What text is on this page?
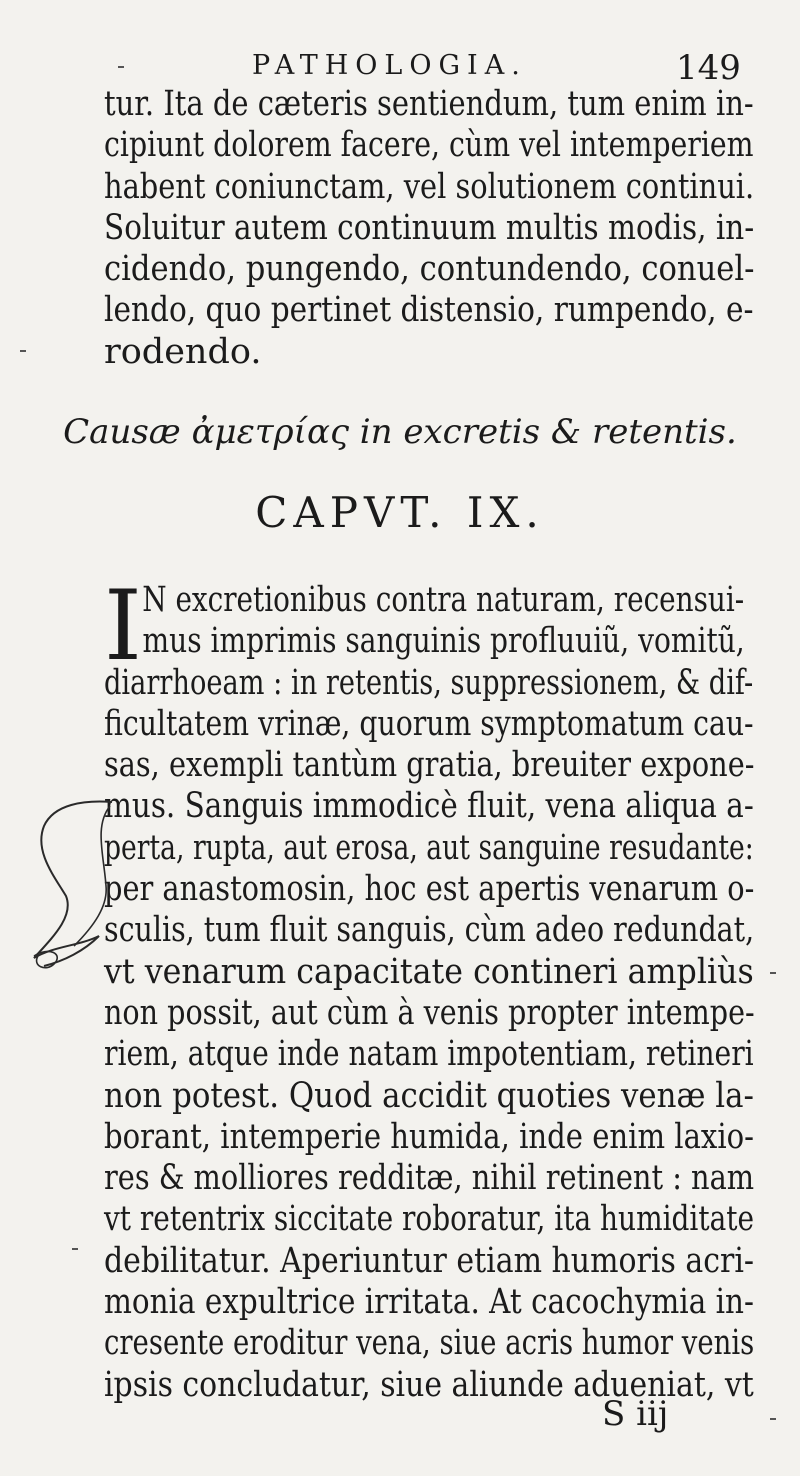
PATHOLOGIA.	149
tur. Ita de cæteris sentiendum, tum enim in-
cipiunt dolorem facere, cùm vel intemperiem
habent coniunctam, vel solutionem continui.
Soluitur autem continuum multis modis, in-
cidendo, pungendo, contundendo, conuel-
lendo, quo pertinet distensio, rumpendo, e-
rodendo.
Causæ ἀμετρίας in excretis & retentis.
CAPVT. IX.
I N excretionibus contra naturam, recensui-
mus imprimis sanguinis profluuiũ, vomitũ,
diarrhoeam : in retentis, suppressionem, & dif-
ficultatem vrinæ, quorum symptomatum cau-
sas, exempli tantùm gratia, breuiter expone-
mus. Sanguis immodicè fluit, vena aliqua a-
perta, rupta, aut erosa, aut sanguine resudante:
per anastomosin, hoc est apertis venarum o-
sculis, tum fluit sanguis, cùm adeo redundat,
vt venarum capacitate contineri ampliùs
non possit, aut cùm à venis propter intempe-
riem, atque inde natam impotentiam, retineri
non potest. Quod accidit quoties venæ la-
borant, intemperie humida, inde enim laxio-
res & molliores redditæ, nihil retinent : nam
vt retentrix siccitate roboratur, ita humiditate
debilitatur. Aperiuntur etiam humoris acri-
monia expultrice irritata. At cacochymia in-
cresente eroditur vena, siue acris humor venis
ipsis concludatur, siue aliunde adueniat, vt
S iij
